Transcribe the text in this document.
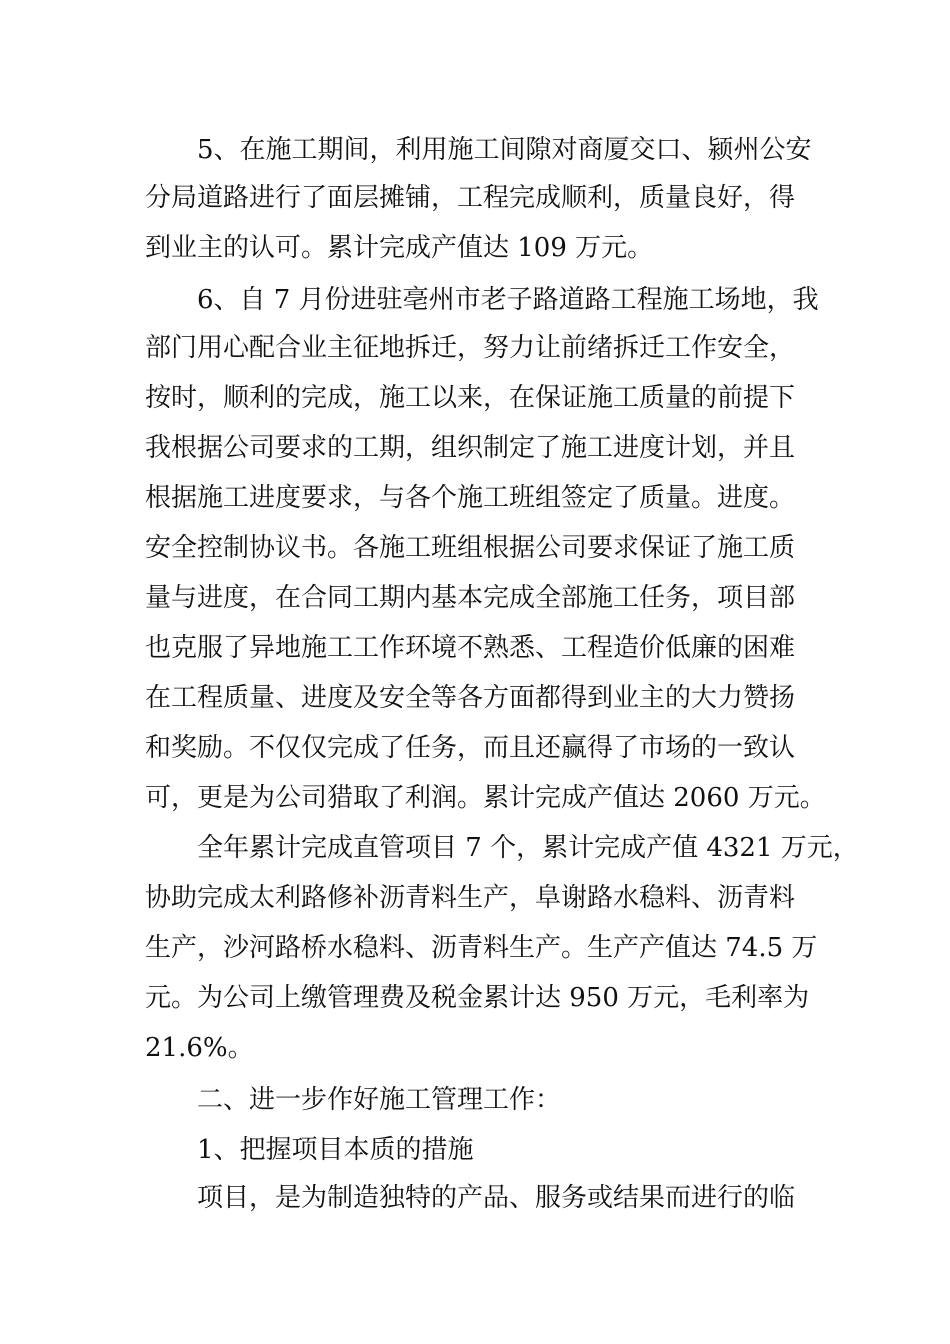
5、在施工期间，利用施工间隙对商厦交口、颍州公安
分局道路进行了面层摊铺，工程完成顺利，质量良好，得
到业主的认可。累计完成产值达 109 万元。
6、自 7 月份进驻亳州市老子路道路工程施工场地，我
部门用心配合业主征地拆迁，努力让前绪拆迁工作安全，
按时，顺利的完成，施工以来，在保证施工质量的前提下
我根据公司要求的工期，组织制定了施工进度计划，并且
根据施工进度要求，与各个施工班组签定了质量。进度。
安全控制协议书。各施工班组根据公司要求保证了施工质
量与进度，在合同工期内基本完成全部施工任务，项目部
也克服了异地施工工作环境不熟悉、工程造价低廉的困难
在工程质量、进度及安全等各方面都得到业主的大力赞扬
和奖励。不仅仅完成了任务，而且还赢得了市场的一致认
可，更是为公司猎取了利润。累计完成产值达 2060 万元。
全年累计完成直管项目 7 个，累计完成产值 4321 万元，
协助完成太利路修补沥青料生产，阜谢路水稳料、沥青料
生产，沙河路桥水稳料、沥青料生产。生产产值达 74.5 万
元。为公司上缴管理费及税金累计达 950 万元，毛利率为
21.6%。
二、进一步作好施工管理工作：
1、把握项目本质的措施
项目，是为制造独特的产品、服务或结果而进行的临
